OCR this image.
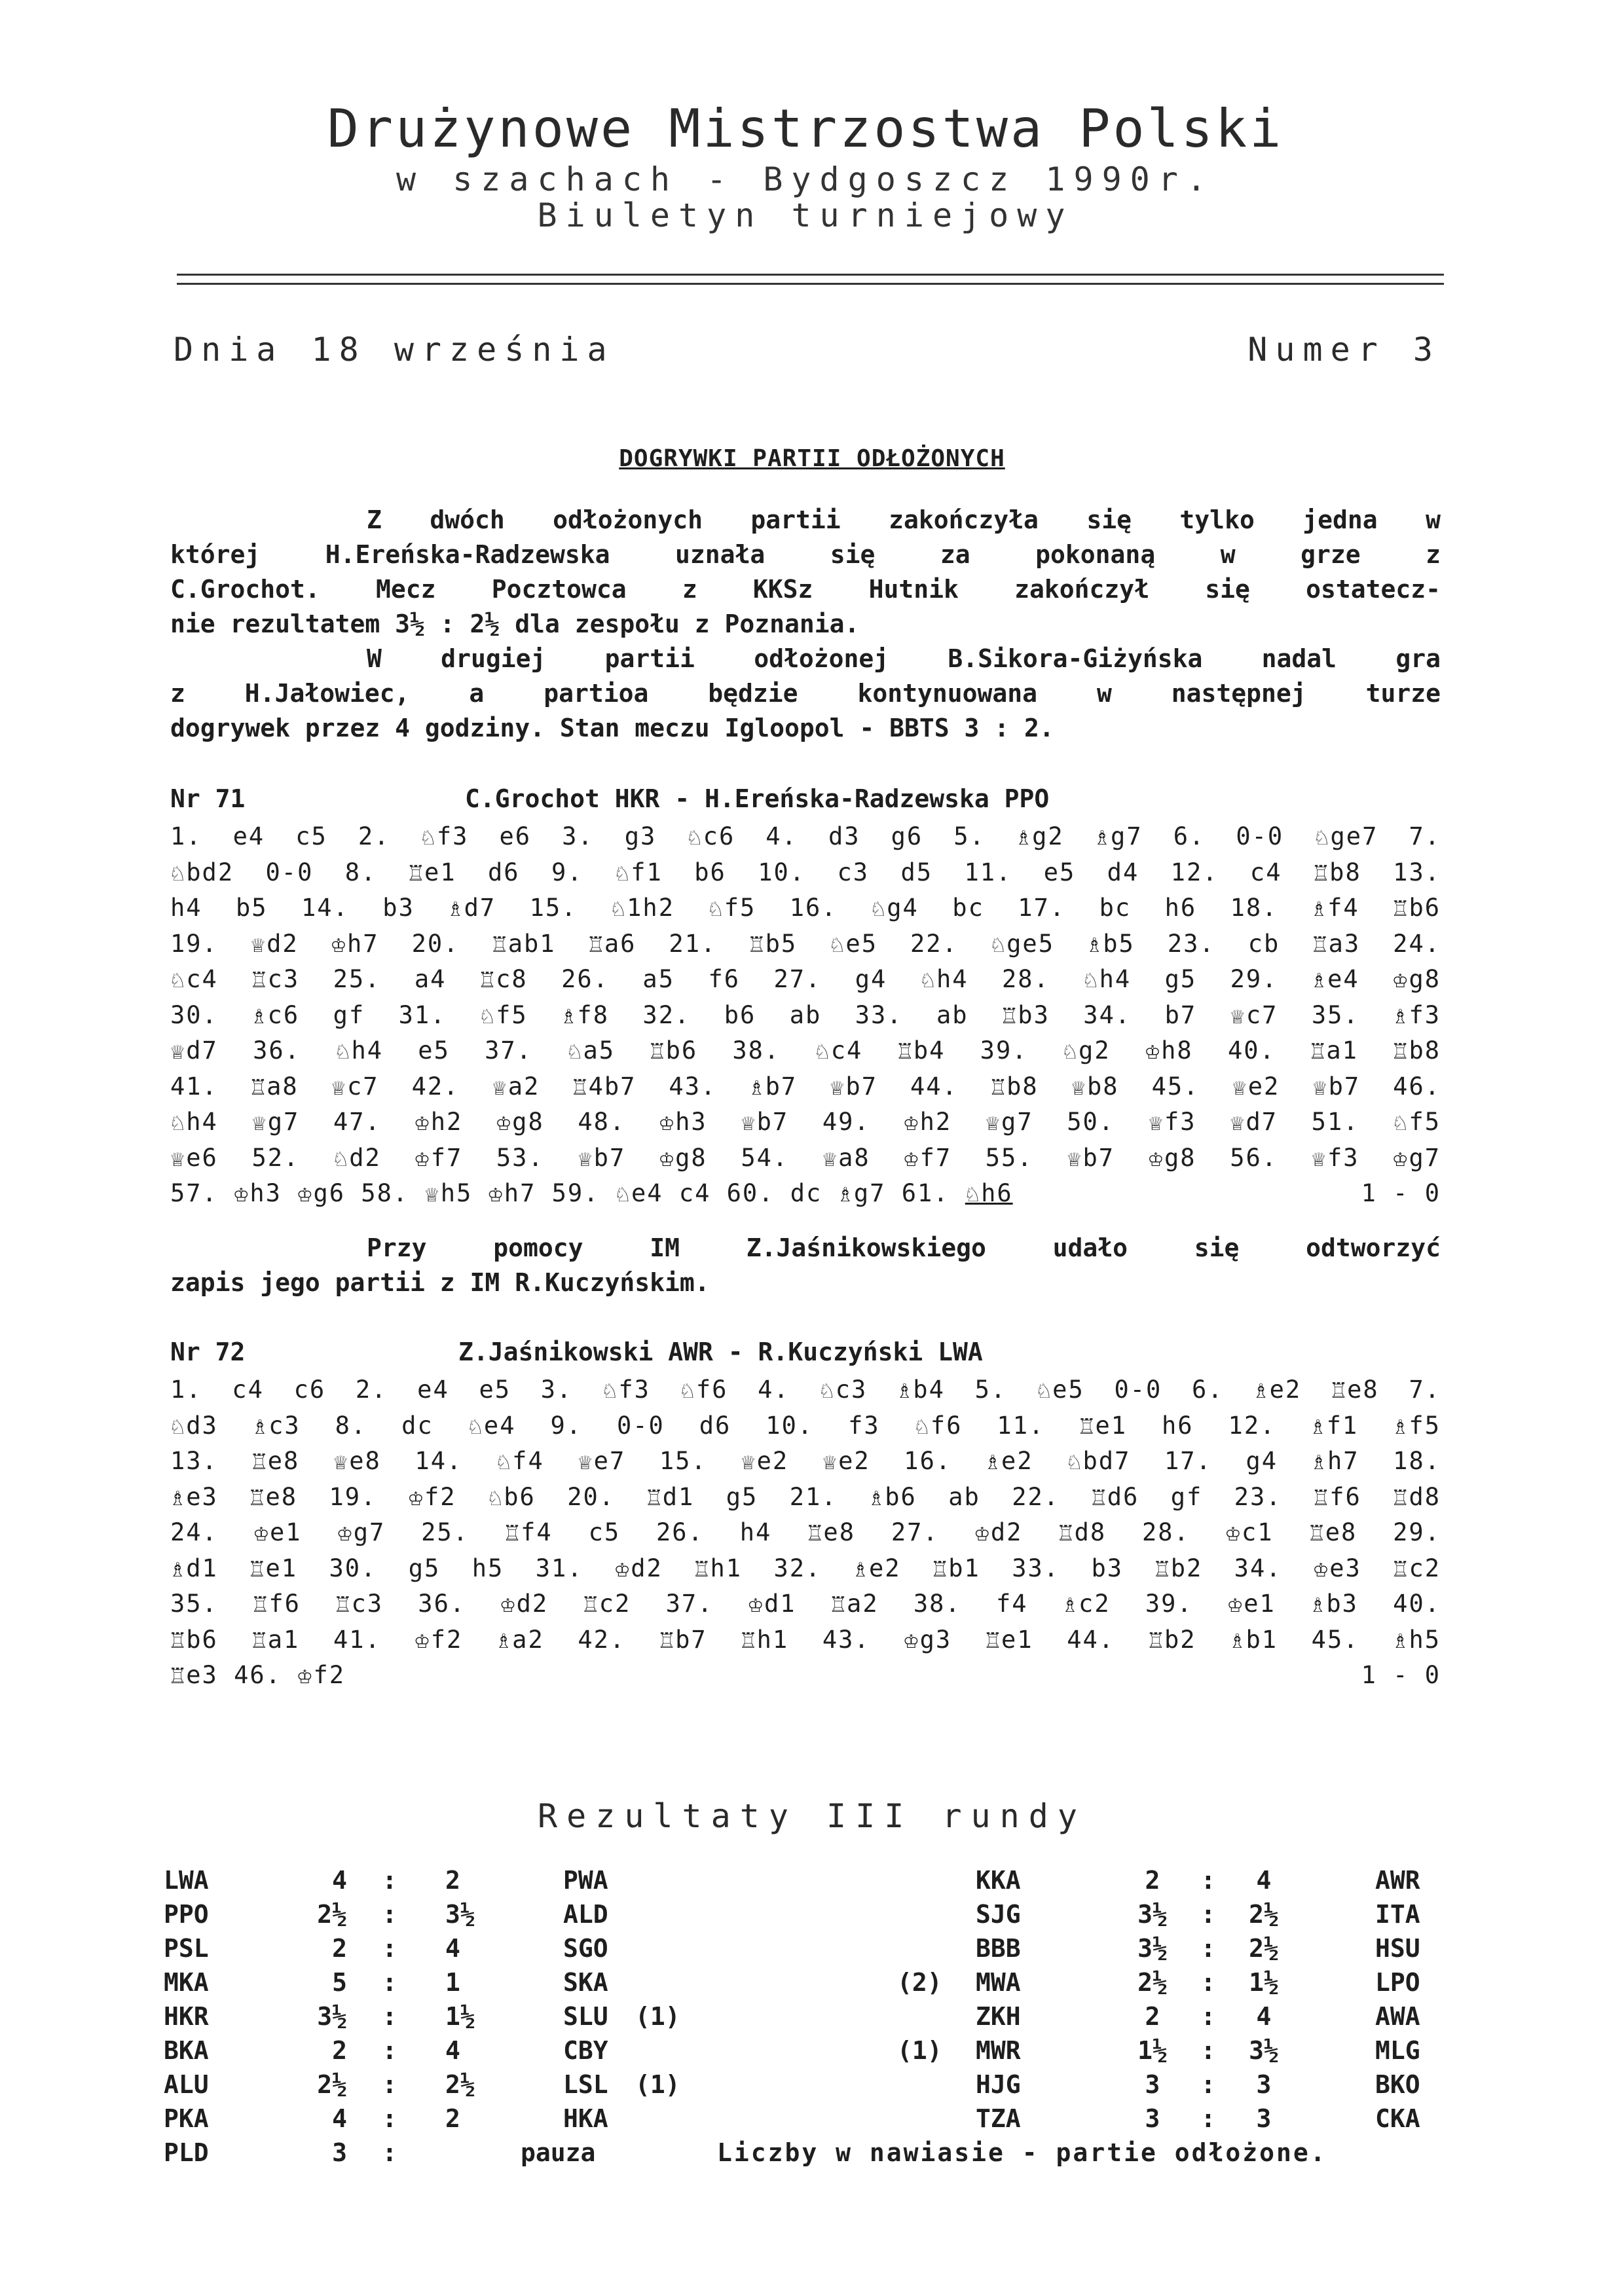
Drużynowe Mistrzostwa Polski
w szachach - Bydgoszcz 1990r.
Biuletyn turniejowy
Dnia 18 września	Numer 3
DOGRYWKI PARTII ODŁOŻONYCH
Z dwóch odłożonych partii zakończyła się tylko jedna w
której H.Ereńska-Radzewska uznała się za pokonaną w grze z
C.Grochot. Mecz Pocztowca z KKSz Hutnik zakończył się ostatecz-
nie rezultatem 3½ : 2½ dla zespołu z Poznania.
W drugiej partii odłożonej B.Sikora-Giżyńska nadal gra
z H.Jałowiec, a partioa będzie kontynuowana w następnej turze
dogrywek przez 4 godziny. Stan meczu Igloopol - BBTS 3 : 2.
Nr 71	C.Grochot HKR - H.Ereńska-Radzewska PPO
1. e4 c5 2. ♘f3 e6 3. g3 ♘c6 4. d3 g6 5. ♗g2 ♗g7 6. 0-0 ♘ge7 7.
♘bd2 0-0 8. ♖e1 d6 9. ♘f1 b6 10. c3 d5 11. e5 d4 12. c4 ♖b8 13.
h4 b5 14. b3 ♗d7 15. ♘1h2 ♘f5 16. ♘g4 bc 17. bc h6 18. ♗f4 ♖b6
19. ♕d2 ♔h7 20. ♖ab1 ♖a6 21. ♖b5 ♘e5 22. ♘ge5 ♗b5 23. cb ♖a3 24.
♘c4 ♖c3 25. a4 ♖c8 26. a5 f6 27. g4 ♘h4 28. ♘h4 g5 29. ♗e4 ♔g8
30. ♗c6 gf 31. ♘f5 ♗f8 32. b6 ab 33. ab ♖b3 34. b7 ♕c7 35. ♗f3
♕d7 36. ♘h4 e5 37. ♘a5 ♖b6 38. ♘c4 ♖b4 39. ♘g2 ♔h8 40. ♖a1 ♖b8
41. ♖a8 ♕c7 42. ♕a2 ♖4b7 43. ♗b7 ♕b7 44. ♖b8 ♕b8 45. ♕e2 ♕b7 46.
♘h4 ♕g7 47. ♔h2 ♔g8 48. ♔h3 ♕b7 49. ♔h2 ♕g7 50. ♕f3 ♕d7 51. ♘f5
♕e6 52. ♘d2 ♔f7 53. ♕b7 ♔g8 54. ♕a8 ♔f7 55. ♕b7 ♔g8 56. ♕f3 ♔g7
57. ♔h3 ♔g6 58. ♕h5 ♔h7 59. ♘e4 c4 60. dc ♗g7 61. ♘h6	1 - 0
Przy pomocy IM Z.Jaśnikowskiego udało się odtworzyć
zapis jego partii z IM R.Kuczyńskim.
Nr 72	Z.Jaśnikowski AWR - R.Kuczyński LWA
1. c4 c6 2. e4 e5 3. ♘f3 ♘f6 4. ♘c3 ♗b4 5. ♘e5 0-0 6. ♗e2 ♖e8 7.
♘d3 ♗c3 8. dc ♘e4 9. 0-0 d6 10. f3 ♘f6 11. ♖e1 h6 12. ♗f1 ♗f5
13. ♖e8 ♕e8 14. ♘f4 ♕e7 15. ♕e2 ♕e2 16. ♗e2 ♘bd7 17. g4 ♗h7 18.
♗e3 ♖e8 19. ♔f2 ♘b6 20. ♖d1 g5 21. ♗b6 ab 22. ♖d6 gf 23. ♖f6 ♖d8
24. ♔e1 ♔g7 25. ♖f4 c5 26. h4 ♖e8 27. ♔d2 ♖d8 28. ♔c1 ♖e8 29.
♗d1 ♖e1 30. g5 h5 31. ♔d2 ♖h1 32. ♗e2 ♖b1 33. b3 ♖b2 34. ♔e3 ♖c2
35. ♖f6 ♖c3 36. ♔d2 ♖c2 37. ♔d1 ♖a2 38. f4 ♗c2 39. ♔e1 ♗b3 40.
♖b6 ♖a1 41. ♔f2 ♗a2 42. ♖b7 ♖h1 43. ♔g3 ♖e1 44. ♖b2 ♗b1 45. ♗h5
♖e3 46. ♔f2	1 - 0
Rezultaty III rundy
LWA	4 : 2	PWA	KKA	2	:	4	AWR
PPO	2½ : 3½	ALD	SJG	3½	:	2½	ITA
PSL	2 : 4	SGO	BBB	3½	:	2½	HSU
MKA	5 : 1	SKA	(2) MWA	2½	:	1½	LPO
HKR	3½ : 1½	SLU (1)	ZKH	2	:	4	AWA
BKA	2 : 4	CBY	(1) MWR	1½	:	3½	MLG
ALU	2½ : 2½	LSL (1)	HJG	3	:	3	BKO
PKA	4 : 2	HKA	TZA	3	:	3	CKA
PLD	3 :	pauza	Liczby w nawiasie - partie odłożone.
